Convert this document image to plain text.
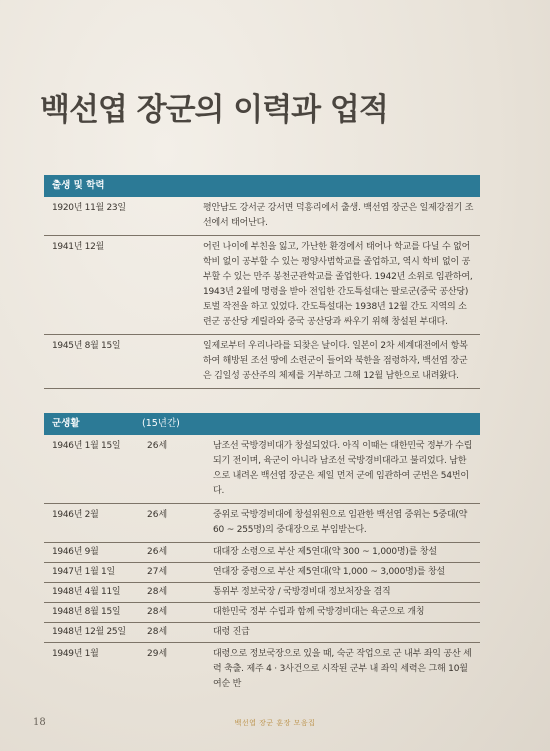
백선엽 장군의 이력과 업적
출생 및 학력
1920년 11월 23일	평안남도 강서군 강서면 덕흥리에서 출생. 백선엽 장군은 일제강점기 조선에서 태어난다.
1941년 12월	어린 나이에 부친을 잃고, 가난한 환경에서 태어나 학교를 다닐 수 없어 학비 없이 공부할 수 있는 평양사범학교를 졸업하고, 역시 학비 없이 공부할 수 있는 만주 봉천군관학교를 졸업한다. 1942년 소위로 임관하여, 1943년 2월에 명령을 받아 전입한 간도특설대는 팔로군(중국 공산당) 토벌 작전을 하고 있었다. 간도특설대는 1938년 12월 간도 지역의 소련군 공산당 게릴라와 중국 공산당과 싸우기 위해 창설된 부대다.
1945년 8월 15일	일제로부터 우리나라를 되찾은 날이다. 일본이 2차 세계대전에서 항복하여 해방된 조선 땅에 소련군이 들어와 북한을 점령하자, 백선엽 장군은 김일성 공산주의 체제를 거부하고 그해 12월 남한으로 내려왔다.
군생활	(15년간)
1946년 1월 15일	26세	남조선 국방경비대가 창설되었다. 아직 이때는 대한민국 정부가 수립되기 전이며, 육군이 아니라 남조선 국방경비대라고 불리었다. 남한으로 내려온 백선엽 장군은 제일 먼저 군에 임관하여 군번은 54번이다.
1946년 2월	26세	중위로 국방경비대에 창설위원으로 임관한 백선엽 중위는 5중대(약 60 ~ 255명)의 중대장으로 부임받는다.
1946년 9월	26세	대대장 소령으로 부산 제5연대(약 300 ~ 1,000명)를 창설
1947년 1월 1일	27세	연대장 중령으로 부산 제5연대(약 1,000 ~ 3,000명)를 창설
1948년 4월 11일	28세	통위부 정보국장 / 국방경비대 정보처장을 겸직
1948년 8월 15일	28세	대한민국 정부 수립과 함께 국방경비대는 육군으로 개칭
1948년 12월 25일	28세	대령 진급
1949년 1월	29세	대령으로 정보국장으로 있을 때, 숙군 작업으로 군 내부 좌익 공산 세력 축출. 제주 4 · 3사건으로 시작된 군부 내 좌익 세력은 그해 10월 여순 반
18	백선엽 장군 훈장 모음집
